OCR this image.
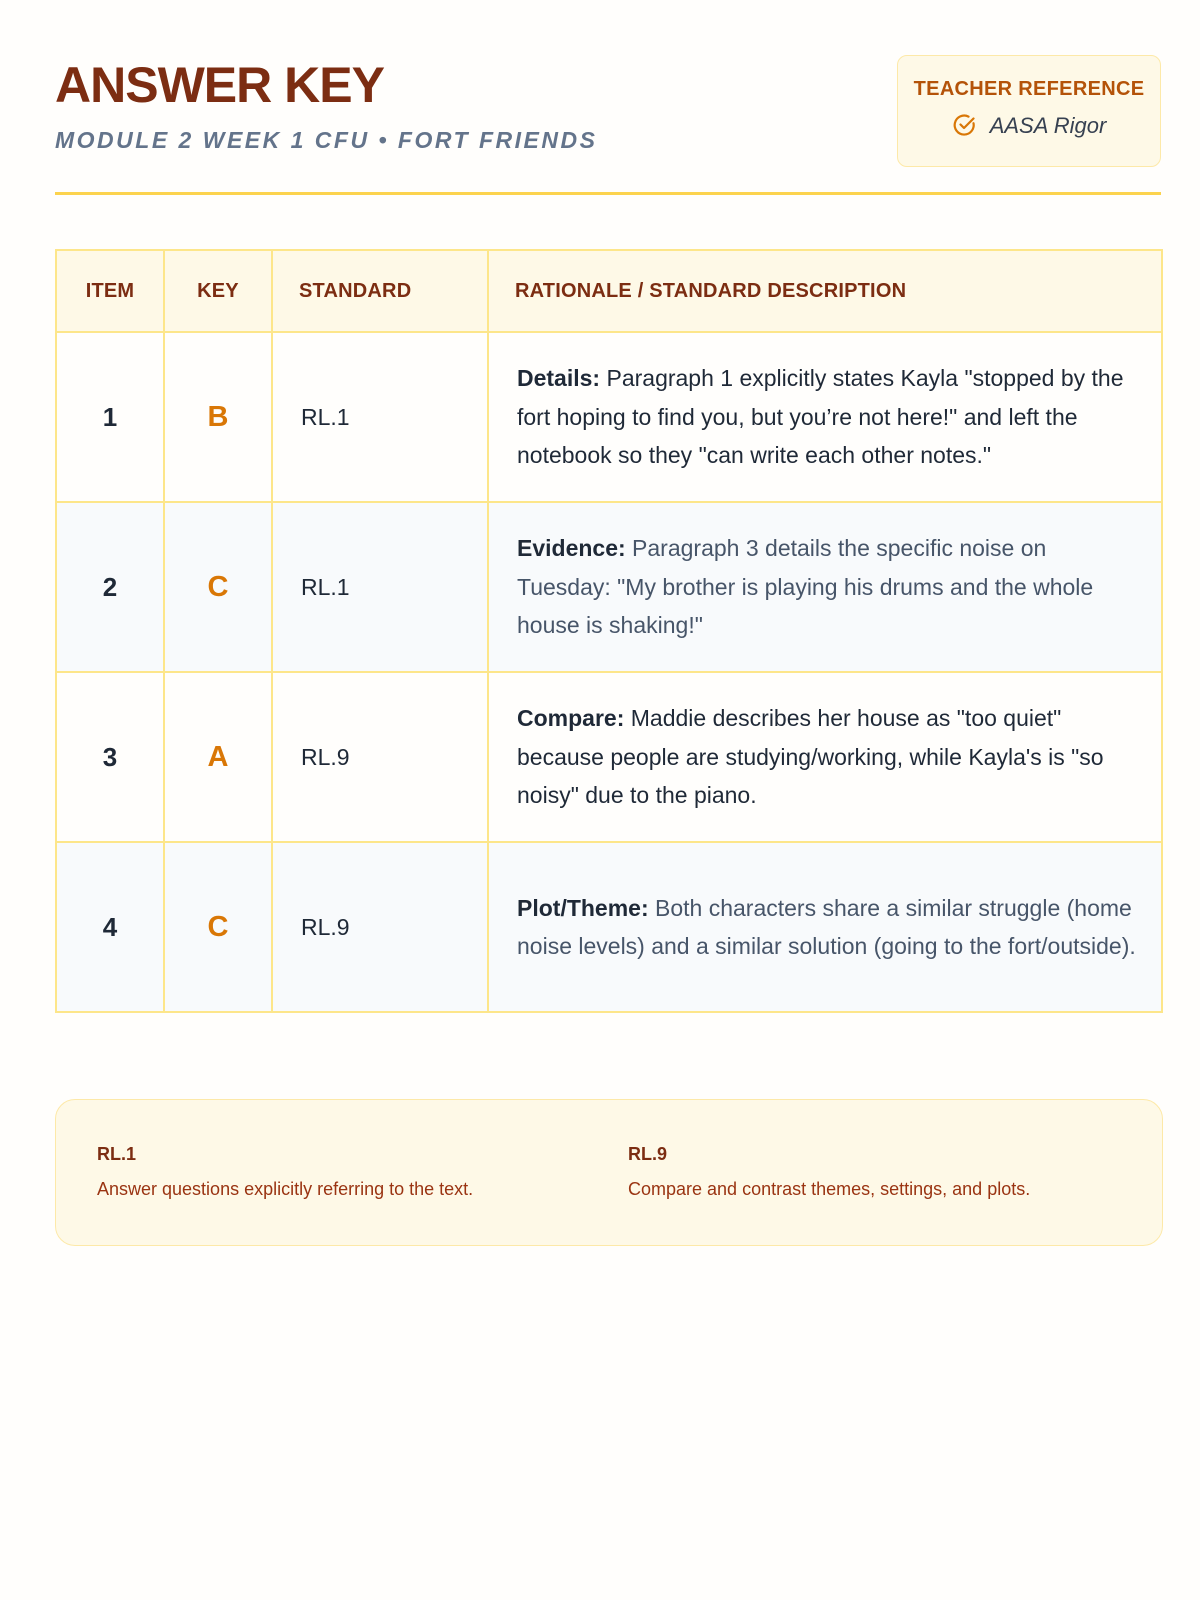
ANSWER KEY
MODULE 2 WEEK 1 CFU • FORT FRIENDS
TEACHER REFERENCE
AASA Rigor
ITEM	KEY	STANDARD	RATIONALE / STANDARD DESCRIPTION
1	B	RL.1	Details: Paragraph 1 explicitly states Kayla "stopped by the fort hoping to find you, but you’re not here!" and left the notebook so they "can write each other notes."
2	C	RL.1	Evidence: Paragraph 3 details the specific noise on Tuesday: "My brother is playing his drums and the whole house is shaking!"
3	A	RL.9	Compare: Maddie describes her house as "too quiet" because people are studying/working, while Kayla's is "so noisy" due to the piano.
4	C	RL.9	Plot/Theme: Both characters share a similar struggle (home noise levels) and a similar solution (going to the fort/outside).
RL.1
Answer questions explicitly referring to the text.
RL.9
Compare and contrast themes, settings, and plots.
